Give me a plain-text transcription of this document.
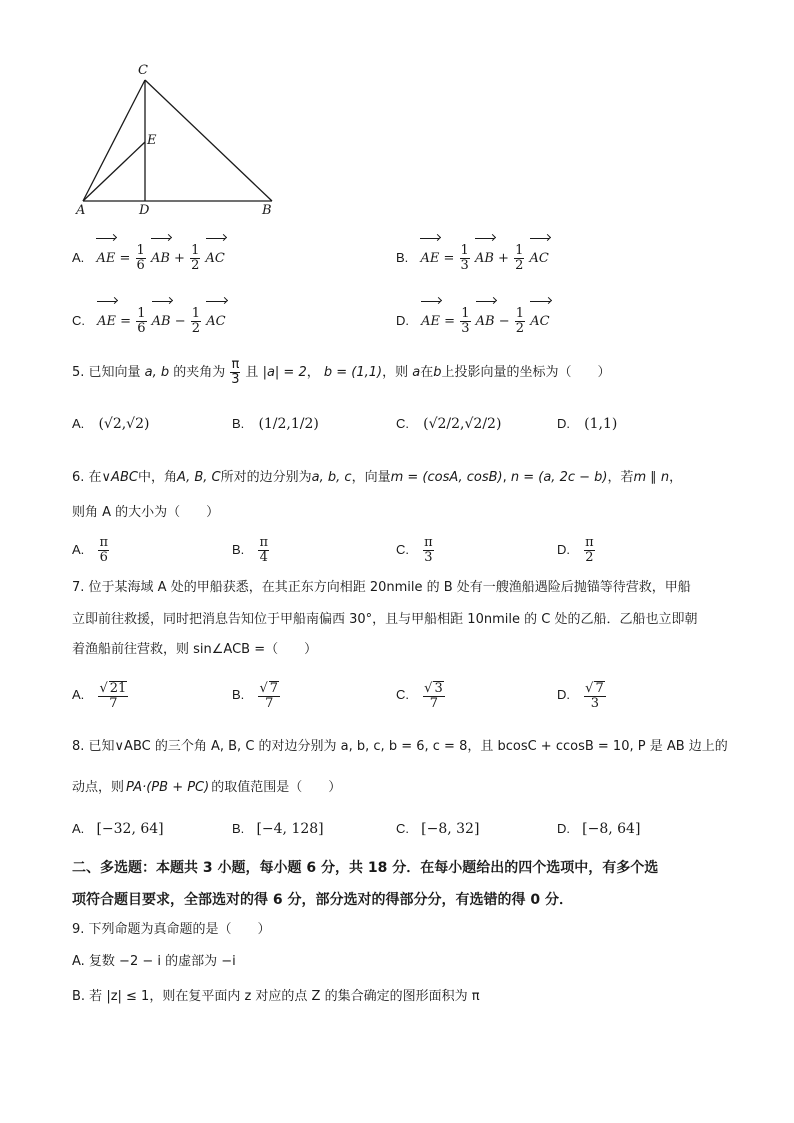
C
E
A	D	B
A. AE = $\frac{1}{6}$ AB + $\frac{1}{2}$ AC	B. AE = $\frac{1}{3}$ AB + $\frac{1}{2}$ AC
C. AE = $\frac{1}{6}$ AB − $\frac{1}{2}$ AC	D. AE = $\frac{1}{3}$ AB − $\frac{1}{2}$ AC
5. 已知向量 a, b 的夹角为 $\frac{\pi}{3}$ 且 |a| = 2， b = (1,1)，则 a在b上投影向量的坐标为（　　）
A. (√2,√2)	B. (1/2,1/2)	C. (√2/2,√2/2)	D. (1,1)
6. 在∨ABC中，角A, B, C所对的边分别为a, b, c，向量m = (cosA, cosB), n = (a, 2c − b)，若m ∥ n，
则角 A 的大小为（　　）
A. $\frac{\pi}{6}$	B. $\frac{\pi}{4}$	C. $\frac{\pi}{3}$	D. $\frac{\pi}{2}$
7. 位于某海域 A 处的甲船获悉，在其正东方向相距 20nmile 的 B 处有一艘渔船遇险后抛锚等待营救，甲船
立即前往救援，同时把消息告知位于甲船南偏西 30°，且与甲船相距 10nmile 的 C 处的乙船．乙船也立即朝
着渔船前往营救，则 sin∠ACB =（　　）
A. $\frac{√ 21}{7}$	B. $\frac{√ 7}{7}$	C. $\frac{√ 3}{7}$	D. $\frac{√ 7}{3}$
8. 已知∨ABC 的三个角 A, B, C 的对边分别为 a, b, c, b = 6, c = 8，且 bcosC + ccosB = 10, P 是 AB 边上的
动点，则 PA·(PB + PC) 的取值范围是（　　）
A. [−32, 64]	B. [−4, 128]	C. [−8, 32]	D. [−8, 64]
二、多选题：本题共 3 小题，每小题 6 分，共 18 分．在每小题给出的四个选项中，有多个选
项符合题目要求，全部选对的得 6 分，部分选对的得部分分，有选错的得 0 分．
9. 下列命题为真命题的是（　　）
A. 复数 −2 − i 的虚部为 −i
B. 若 |z| ≤ 1，则在复平面内 z 对应的点 Z 的集合确定的图形面积为 π
